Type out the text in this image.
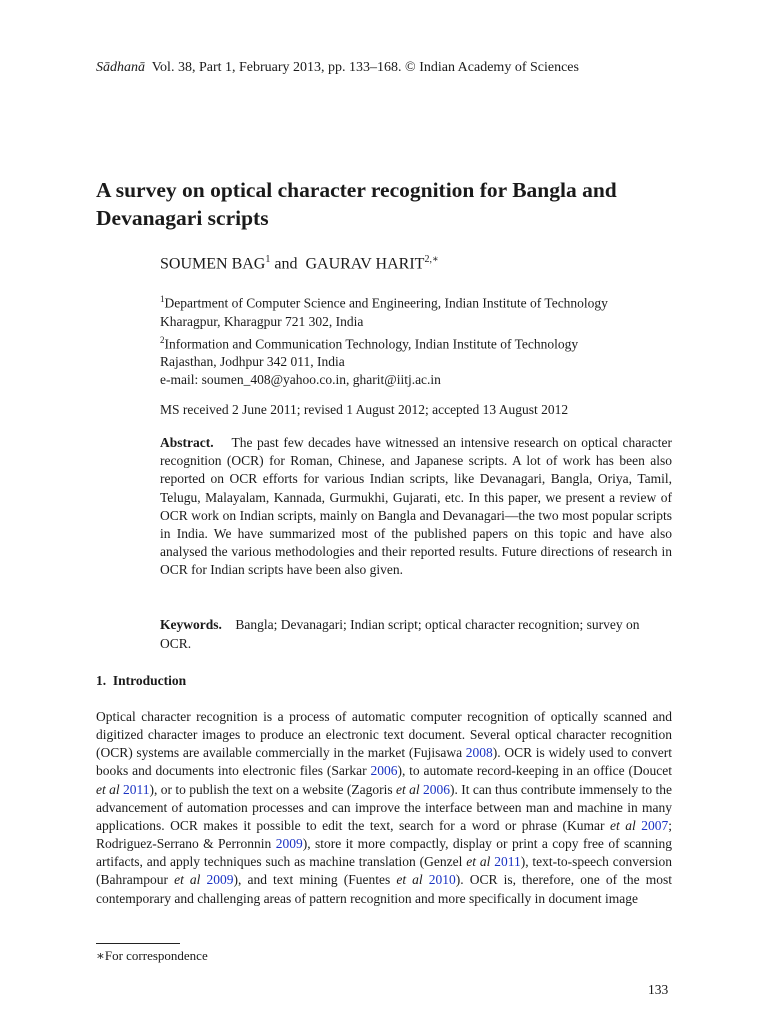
Sādhanā Vol. 38, Part 1, February 2013, pp. 133–168. © Indian Academy of Sciences
A survey on optical character recognition for Bangla and Devanagari scripts
SOUMEN BAG$^1$ and GAURAV $HARIT^{2,∗}$
$^1$Department of Computer Science and Engineering, Indian Institute of Technology
Kharagpur, Kharagpur 721 302, India
$^2$Information and Communication Technology, Indian Institute of Technology
Rajasthan, Jodhpur 342 011, India
e-mail: soumen_408@yahoo.co.in, gharit@iitj.ac.in
MS received 2 June 2011; revised 1 August 2012; accepted 13 August 2012
Abstract. The past few decades have witnessed an intensive research on optical character recognition (OCR) for Roman, Chinese, and Japanese scripts. A lot of work has been also reported on OCR efforts for various Indian scripts, like Devanagari, Bangla, Oriya, Tamil, Telugu, Malayalam, Kannada, Gurmukhi, Gujarati, etc. In this paper, we present a review of OCR work on Indian scripts, mainly on Bangla and Devanagari—the two most popular scripts in India. We have summarized most of the published papers on this topic and have also analysed the various methodologies and their reported results. Future directions of research in OCR for Indian scripts have been also given.
Keywords. Bangla; Devanagari; Indian script; optical character recognition; survey on OCR.
1. Introduction
Optical character recognition is a process of automatic computer recognition of optically scanned and digitized character images to produce an electronic text document. Several optical character recognition (OCR) systems are available commercially in the market (Fujisawa 2008). OCR is widely used to convert books and documents into electronic files (Sarkar 2006), to automate record-keeping in an office (Doucet et al 2011), or to publish the text on a website (Zagoris et al 2006). It can thus contribute immensely to the advancement of automation processes and can improve the interface between man and machine in many applications. OCR makes it possible to edit the text, search for a word or phrase (Kumar et al 2007; Rodriguez-Serrano & Perronnin 2009), store it more compactly, display or print a copy free of scanning artifacts, and apply techniques such as machine translation (Genzel et al 2011), text-to-speech conversion (Bahrampour et al 2009), and text mining (Fuentes et al 2010). OCR is, therefore, one of the most contemporary and challenging areas of pattern recognition and more specifically in document image
∗For correspondence
133
